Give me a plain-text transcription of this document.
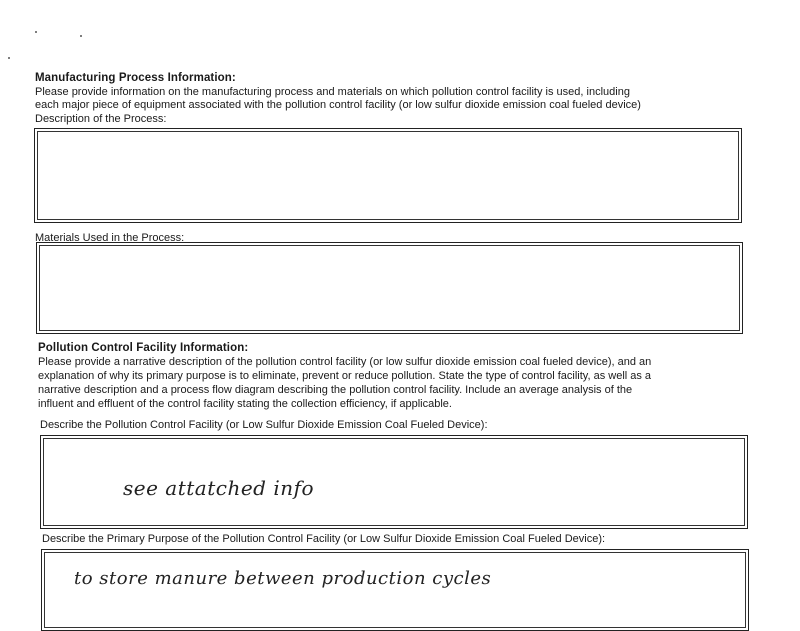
Manufacturing Process Information:
Please provide information on the manufacturing process and materials on which pollution control facility is used, including
each major piece of equipment associated with the pollution control facility (or low sulfur dioxide emission coal fueled device)
Description of the Process:
Materials Used in the Process:
Pollution Control Facility Information:
Please provide a narrative description of the pollution control facility (or low sulfur dioxide emission coal fueled device), and an
explanation of why its primary purpose is to eliminate, prevent or reduce pollution. State the type of control facility, as well as a
narrative description and a process flow diagram describing the pollution control facility. Include an average analysis of the
influent and effluent of the control facility stating the collection efficiency, if applicable.
Describe the Pollution Control Facility (or Low Sulfur Dioxide Emission Coal Fueled Device):
see attatched info
Describe the Primary Purpose of the Pollution Control Facility (or Low Sulfur Dioxide Emission Coal Fueled Device):
to store manure between production cycles
